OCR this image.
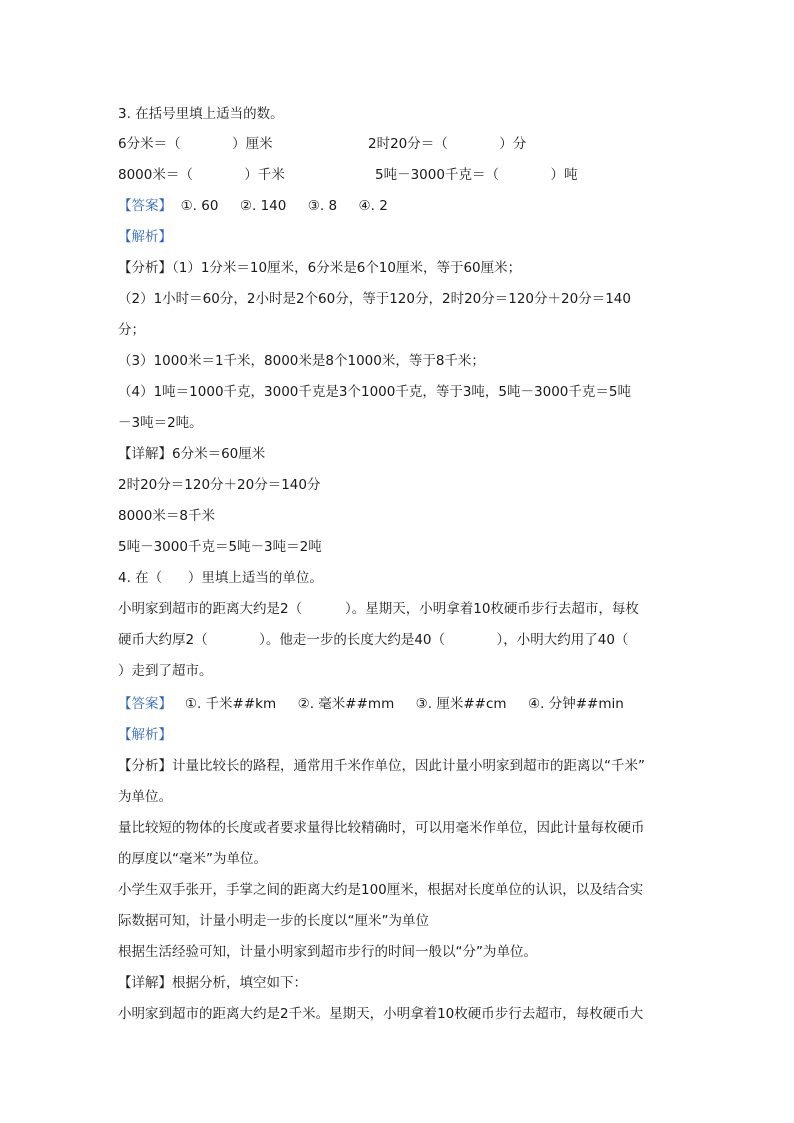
3. 在括号里填上适当的数。
6分米＝（            ）厘米	2时20分＝（            ）分
8000米＝（            ）千米	5吨－3000千克＝（            ）吨
【答案】  ①. 60     ②. 140     ③. 8     ④. 2
【解析】
【分析】（1）1分米＝10厘米，6分米是6个10厘米，等于60厘米；
（2）1小时＝60分，2小时是2个60分，等于120分，2时20分＝120分＋20分＝140
分；
（3）1000米＝1千米，8000米是8个1000米，等于8千米；
（4）1吨＝1000千克，3000千克是3个1000千克，等于3吨，5吨－3000千克＝5吨
－3吨＝2吨。
【详解】6分米＝60厘米
2时20分＝120分＋20分＝140分
8000米＝8千米
5吨－3000千克＝5吨－3吨＝2吨
4. 在（      ）里填上适当的单位。
小明家到超市的距离大约是2（          ）。星期天，小明拿着10枚硬币步行去超市，每枚
硬币大约厚2（            ）。他走一步的长度大约是40（            ），小明大约用了40（
）走到了超市。
【答案】   ①. 千米##km     ②. 毫米##mm     ③. 厘米##cm     ④. 分钟##min
【解析】
【分析】计量比较长的路程，通常用千米作单位，因此计量小明家到超市的距离以“千米”
为单位。
量比较短的物体的长度或者要求量得比较精确时，可以用毫米作单位，因此计量每枚硬币
的厚度以“毫米”为单位。
小学生双手张开，手掌之间的距离大约是100厘米，根据对长度单位的认识，以及结合实
际数据可知，计量小明走一步的长度以“厘米”为单位
根据生活经验可知，计量小明家到超市步行的时间一般以“分”为单位。
【详解】根据分析，填空如下：
小明家到超市的距离大约是2千米。星期天，小明拿着10枚硬币步行去超市，每枚硬币大
